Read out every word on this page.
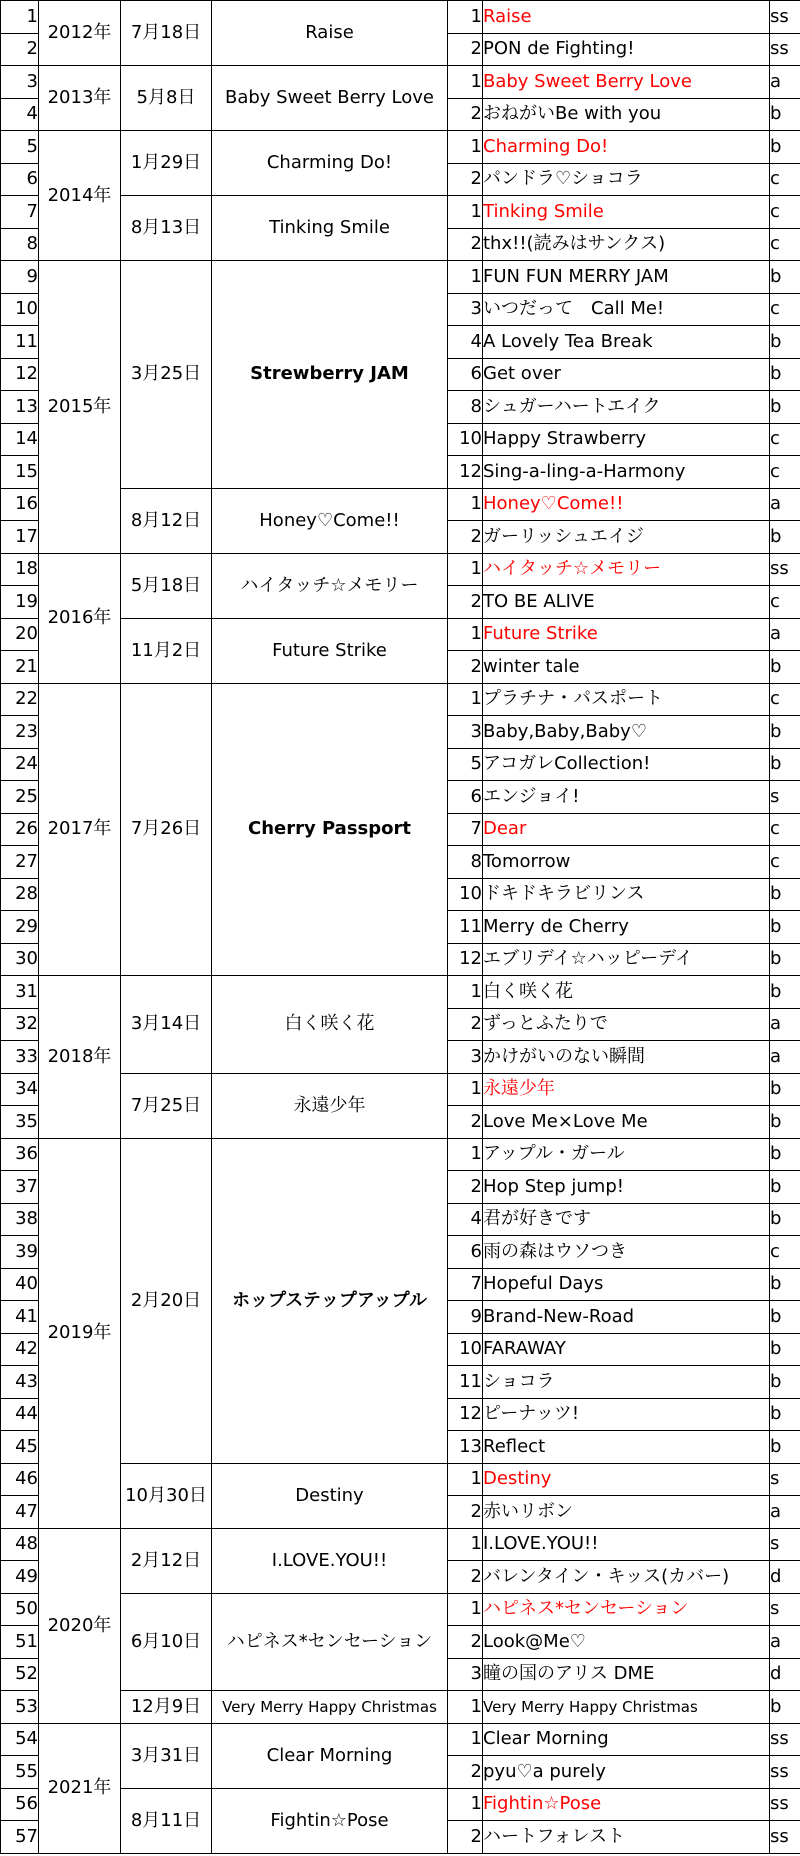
1	2012年	7月18日	Raise	1	Raise	ss
2				2	PON de Fighting!	ss
3	2013年	5月8日	Baby Sweet Berry Love	1	Baby Sweet Berry Love	a
4				2	おねがいBe with you	b
5	2014年	1月29日	Charming Do!	1	Charming Do!	b
6				2	パンドラ♡ショコラ	c
7		8月13日	Tinking Smile	1	Tinking Smile	c
8				2	thx!!(読みはサンクス)	c
9	2015年	3月25日	Strewberry JAM	1	FUN FUN MERRY JAM	b
10				3	いつだって　Call Me!	c
11				4	A Lovely Tea Break	b
12				6	Get over	b
13				8	シュガーハートエイク	b
14				10	Happy Strawberry	c
15				12	Sing-a-ling-a-Harmony	c
16		8月12日	Honey♡Come!!	1	Honey♡Come!!	a
17				2	ガーリッシュエイジ	b
18	2016年	5月18日	ハイタッチ☆メモリー	1	ハイタッチ☆メモリー	ss
19				2	TO BE ALIVE	c
20		11月2日	Future Strike	1	Future Strike	a
21				2	winter tale	b
22	2017年	7月26日	Cherry Passport	1	プラチナ・パスポート	c
23				3	Baby,Baby,Baby♡	b
24				5	アコガレCollection!	b
25				6	エンジョイ!	s
26				7	Dear	c
27				8	Tomorrow	c
28				10	ドキドキラビリンス	b
29				11	Merry de Cherry	b
30				12	エブリデイ☆ハッピーデイ	b
31	2018年	3月14日	白く咲く花	1	白く咲く花	b
32				2	ずっとふたりで	a
33				3	かけがいのない瞬間	a
34		7月25日	永遠少年	1	永遠少年	b
35				2	Love Me×Love Me	b
36	2019年	2月20日	ホップステップアップル	1	アップル・ガール	b
37				2	Hop Step jump!	b
38				4	君が好きです	b
39				6	雨の森はウソつき	c
40				7	Hopeful Days	b
41				9	Brand-New-Road	b
42				10	FARAWAY	b
43				11	ショコラ	b
44				12	ピーナッツ!	b
45				13	Reflect	b
46		10月30日	Destiny	1	Destiny	s
47				2	赤いリボン	a
48	2020年	2月12日	I.LOVE.YOU!!	1	I.LOVE.YOU!!	s
49				2	バレンタイン・キッス(カバー)	d
50		6月10日	ハピネス*センセーション	1	ハピネス*センセーション	s
51				2	Look@Me♡	a
52				3	瞳の国のアリス DME	d
53		12月9日	Very Merry Happy Christmas	1	Very Merry Happy Christmas	b
54	2021年	3月31日	Clear Morning	1	Clear Morning	ss
55				2	pyu♡a purely	ss
56		8月11日	Fightin☆Pose	1	Fightin☆Pose	ss
57				2	ハートフォレスト	ss
